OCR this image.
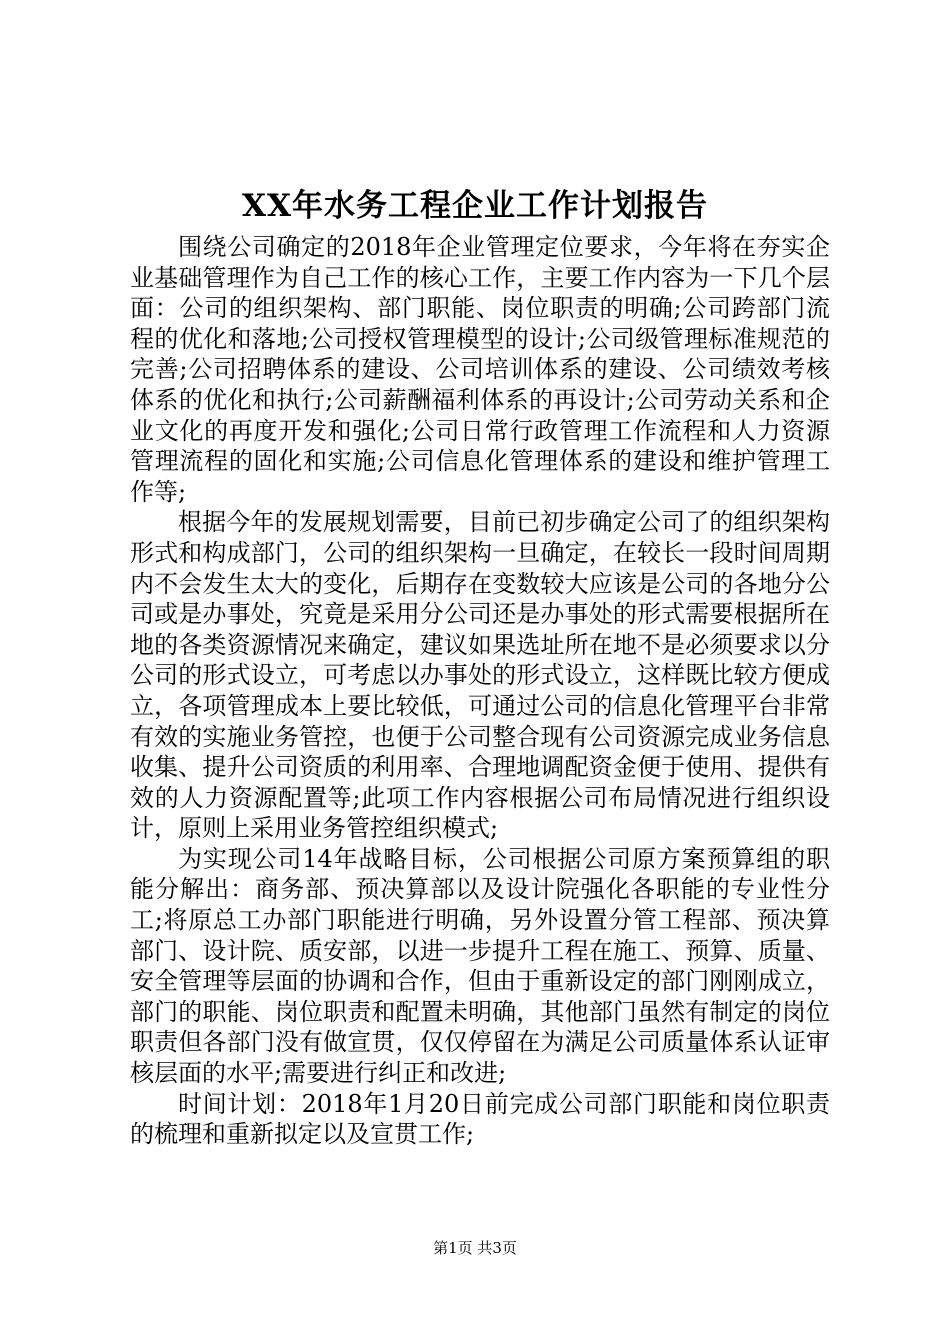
XX年水务工程企业工作计划报告

围绕公司确定的2018年企业管理定位要求，今年将在夯实企业基础管理作为自己工作的核心工作，主要工作内容为一下几个层面：公司的组织架构、部门职能、岗位职责的明确;公司跨部门流程的优化和落地;公司授权管理模型的设计;公司级管理标准规范的完善;公司招聘体系的建设、公司培训体系的建设、公司绩效考核体系的优化和执行;公司薪酬福利体系的再设计;公司劳动关系和企业文化的再度开发和强化;公司日常行政管理工作流程和人力资源管理流程的固化和实施;公司信息化管理体系的建设和维护管理工作等;

根据今年的发展规划需要，目前已初步确定公司了的组织架构形式和构成部门，公司的组织架构一旦确定，在较长一段时间周期内不会发生太大的变化，后期存在变数较大应该是公司的各地分公司或是办事处，究竟是采用分公司还是办事处的形式需要根据所在地的各类资源情况来确定，建议如果选址所在地不是必须要求以分公司的形式设立，可考虑以办事处的形式设立，这样既比较方便成立，各项管理成本上要比较低，可通过公司的信息化管理平台非常有效的实施业务管控，也便于公司整合现有公司资源完成业务信息收集、提升公司资质的利用率、合理地调配资金便于使用、提供有效的人力资源配置等;此项工作内容根据公司布局情况进行组织设计，原则上采用业务管控组织模式;

为实现公司14年战略目标，公司根据公司原方案预算组的职能分解出：商务部、预决算部以及设计院强化各职能的专业性分工;将原总工办部门职能进行明确，另外设置分管工程部、预决算部门、设计院、质安部，以进一步提升工程在施工、预算、质量、安全管理等层面的协调和合作，但由于重新设定的部门刚刚成立，部门的职能、岗位职责和配置未明确，其他部门虽然有制定的岗位职责但各部门没有做宣贯，仅仅停留在为满足公司质量体系认证审核层面的水平;需要进行纠正和改进;

时间计划：2018年1月20日前完成公司部门职能和岗位职责的梳理和重新拟定以及宣贯工作;

第1页 共3页
